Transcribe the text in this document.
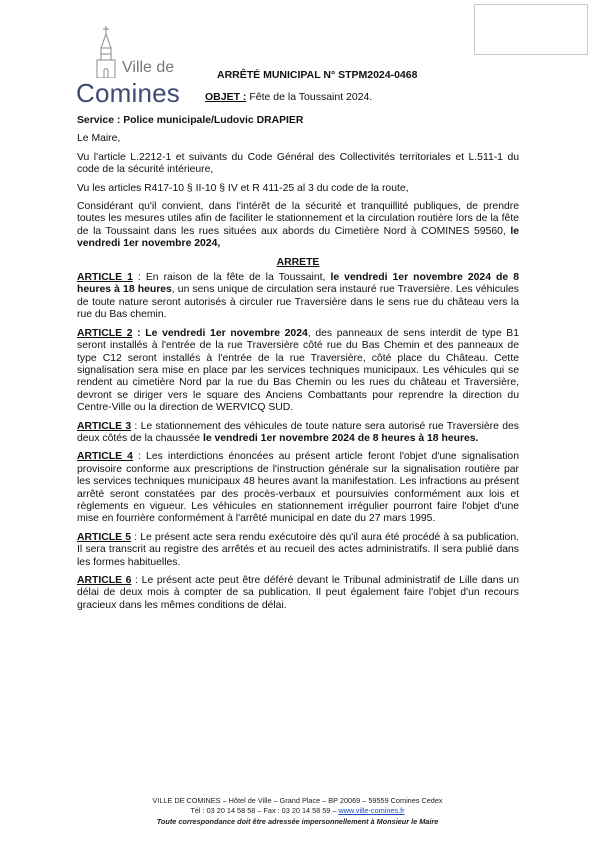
Ville de
Comines
ARRÊTÉ MUNICIPAL N° STPM2024-0468
OBJET : Fête de la Toussaint 2024.

Service : Police municipale/Ludovic DRAPIER

Le Maire,

Vu l'article L.2212-1 et suivants du Code Général des Collectivités territoriales et L.511-1 du code de la sécurité intérieure,

Vu les articles R417-10 § II-10 § IV et R 411-25 al 3 du code de la route,

Considérant qu'il convient, dans l'intérêt de la sécurité et tranquillité publiques, de prendre toutes les mesures utiles afin de faciliter le stationnement et la circulation routière lors de la fête de la Toussaint dans les rues situées aux abords du Cimetière Nord à COMINES 59560, le vendredi 1er novembre 2024,

ARRETE

ARTICLE 1 : En raison de la fête de la Toussaint, le vendredi 1er novembre 2024 de 8 heures à 18 heures, un sens unique de circulation sera instauré rue Traversière. Les véhicules de toute nature seront autorisés à circuler rue Traversière dans le sens rue du château vers la rue du Bas chemin.

ARTICLE 2 : Le vendredi 1er novembre 2024, des panneaux de sens interdit de type B1 seront installés à l'entrée de la rue Traversière côté rue du Bas Chemin et des panneaux de type C12 seront installés à l'entrée de la rue Traversière, côté place du Château. Cette signalisation sera mise en place par les services techniques municipaux. Les véhicules qui se rendent au cimetière Nord par la rue du Bas Chemin ou les rues du château et Traversière, devront se diriger vers le square des Anciens Combattants pour reprendre la direction du Centre-Ville ou la direction de WERVICQ SUD.

ARTICLE 3 : Le stationnement des véhicules de toute nature sera autorisé rue Traversière des deux côtés de la chaussée le vendredi 1er novembre 2024 de 8 heures à 18 heures.

ARTICLE 4 : Les interdictions énoncées au présent article feront l'objet d'une signalisation provisoire conforme aux prescriptions de l'instruction générale sur la signalisation routière par les services techniques municipaux 48 heures avant la manifestation. Les infractions au présent arrêté seront constatées par des procès-verbaux et poursuivies conformément aux lois et règlements en vigueur. Les véhicules en stationnement irrégulier pourront faire l'objet d'une mise en fourrière conformément à l'arrêté municipal en date du 27 mars 1995.

ARTICLE 5 : Le présent acte sera rendu exécutoire dès qu'il aura été procédé à sa publication. Il sera transcrit au registre des arrêtés et au recueil des actes administratifs. Il sera publié dans les formes habituelles.

ARTICLE 6 : Le présent acte peut être déféré devant le Tribunal administratif de Lille dans un délai de deux mois à compter de sa publication. Il peut également faire l'objet d'un recours gracieux dans les mêmes conditions de délai.

VILLE DE COMINES – Hôtel de Ville – Grand Place – BP 20069 – 59559 Comines Cedex
Tél : 03 20 14 58 58 – Fax : 03 20 14 58 59 – www.ville-comines.fr
Toute correspondance doit être adressée impersonnellement à Monsieur le Maire
